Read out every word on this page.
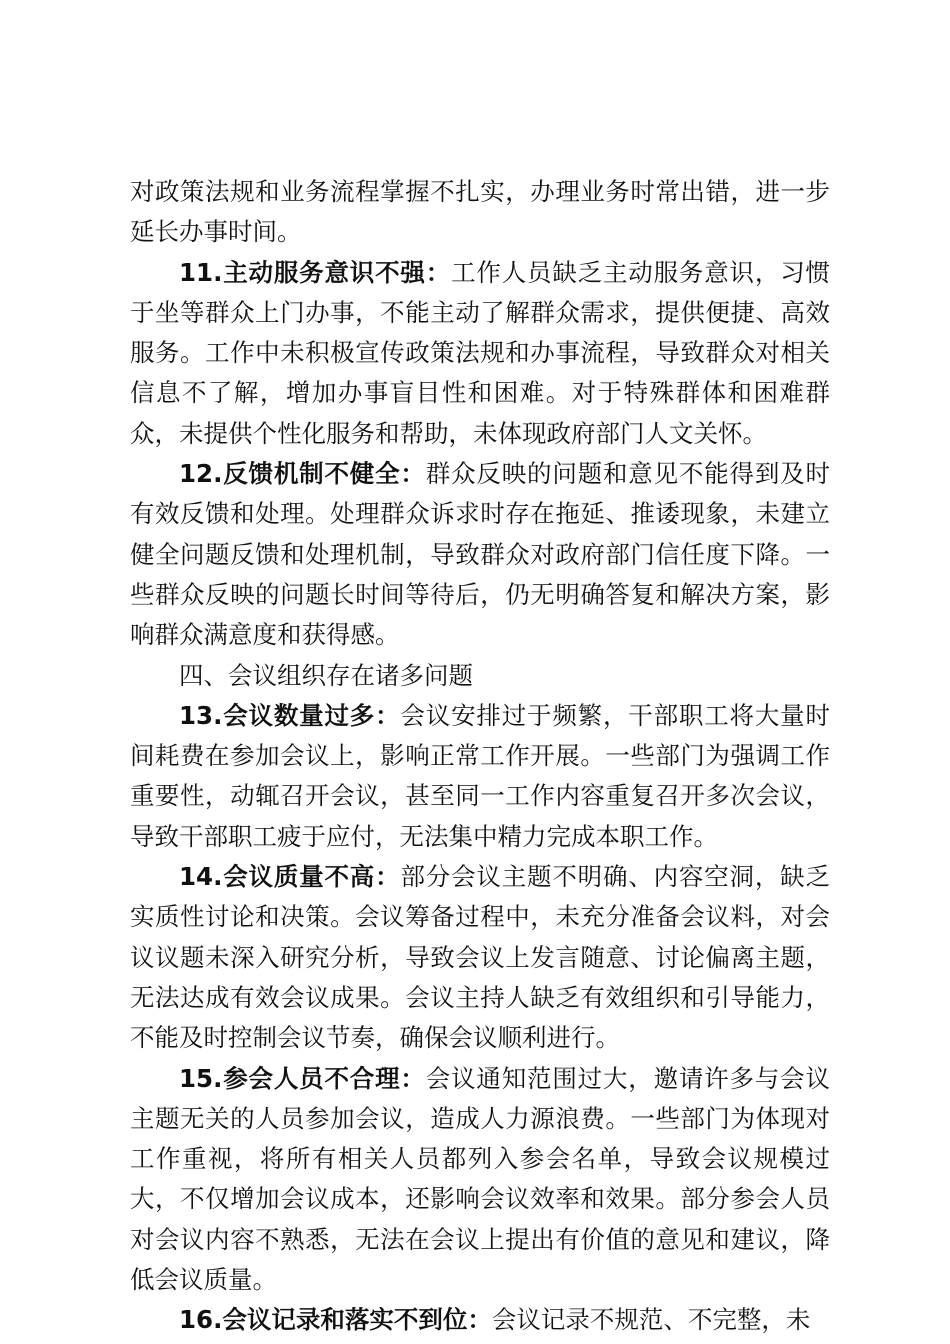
对政策法规和业务流程掌握不扎实，办理业务时常出错，进一步延长办事时间。

11.主动服务意识不强：工作人员缺乏主动服务意识，习惯于坐等群众上门办事，不能主动了解群众需求，提供便捷、高效服务。工作中未积极宣传政策法规和办事流程，导致群众对相关信息不了解，增加办事盲目性和困难。对于特殊群体和困难群众，未提供个性化服务和帮助，未体现政府部门人文关怀。

12.反馈机制不健全：群众反映的问题和意见不能得到及时有效反馈和处理。处理群众诉求时存在拖延、推诿现象，未建立健全问题反馈和处理机制，导致群众对政府部门信任度下降。一些群众反映的问题长时间等待后，仍无明确答复和解决方案，影响群众满意度和获得感。

四、会议组织存在诸多问题

13.会议数量过多：会议安排过于频繁，干部职工将大量时间耗费在参加会议上，影响正常工作开展。一些部门为强调工作重要性，动辄召开会议，甚至同一工作内容重复召开多次会议，导致干部职工疲于应付，无法集中精力完成本职工作。

14.会议质量不高：部分会议主题不明确、内容空洞，缺乏实质性讨论和决策。会议筹备过程中，未充分准备会议料，对会议议题未深入研究分析，导致会议上发言随意、讨论偏离主题，无法达成有效会议成果。会议主持人缺乏有效组织和引导能力，不能及时控制会议节奏，确保会议顺利进行。

15.参会人员不合理：会议通知范围过大，邀请许多与会议主题无关的人员参加会议，造成人力源浪费。一些部门为体现对工作重视，将所有相关人员都列入参会名单，导致会议规模过大，不仅增加会议成本，还影响会议效率和效果。部分参会人员对会议内容不熟悉，无法在会议上提出有价值的意见和建议，降低会议质量。

16.会议记录和落实不到位：会议记录不规范、不完整，未
